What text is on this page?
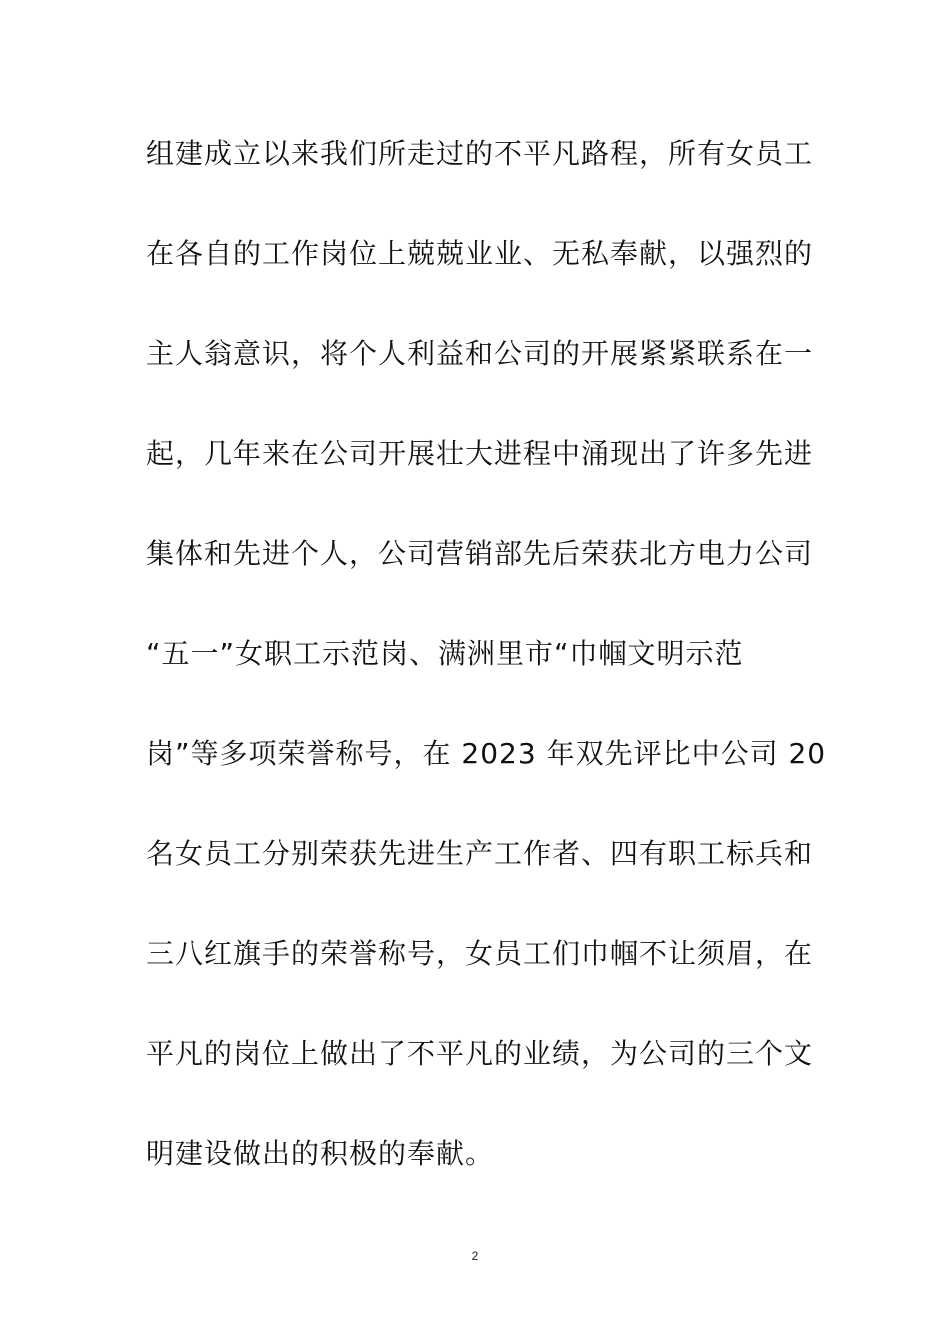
组建成立以来我们所走过的不平凡路程，所有女员工
在各自的工作岗位上兢兢业业、无私奉献，以强烈的
主人翁意识，将个人利益和公司的开展紧紧联系在一
起，几年来在公司开展壮大进程中涌现出了许多先进
集体和先进个人，公司营销部先后荣获北方电力公司
“五一”女职工示范岗、满洲里市“巾帼文明示范
岗”等多项荣誉称号，在 2023 年双先评比中公司 20
名女员工分别荣获先进生产工作者、四有职工标兵和
三八红旗手的荣誉称号，女员工们巾帼不让须眉，在
平凡的岗位上做出了不平凡的业绩，为公司的三个文
明建设做出的积极的奉献。
2
